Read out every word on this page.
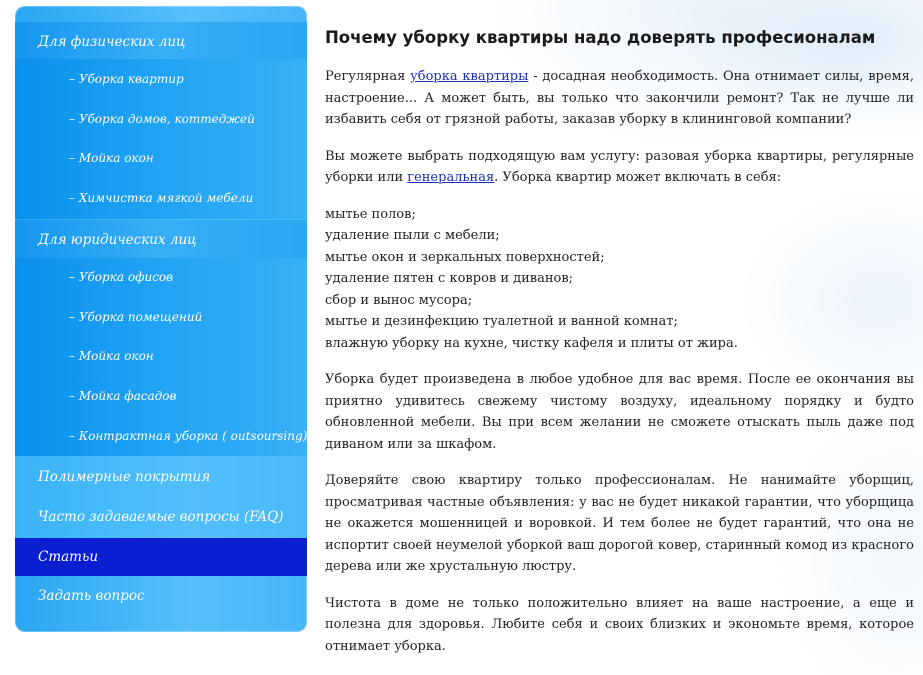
Для физических лиц
– Уборка квартир
– Уборка домов, коттеджей
– Мойка окон
– Химчистка мягкой мебели
Для юридических лиц
– Уборка офисов
– Уборка помещений
– Мойка окон
– Мойка фасадов
– Контрактная уборка ( outsoursing)
Полимерные покрытия
Часто задаваемые вопросы (FAQ)
Статьи
Задать вопрос
Почему уборку квартиры надо доверять професионалам

Регулярная уборка квартиры - досадная необходимость. Она отнимает силы, время, настроение... А может быть, вы только что закончили ремонт? Так не лучше ли избавить себя от грязной работы, заказав уборку в клининговой компании?

Вы можете выбрать подходящую вам услугу: разовая уборка квартиры, регулярные уборки или генеральная. Уборка квартир может включать в себя:

мытье полов;
удаление пыли с мебели;
мытье окон и зеркальных поверхностей;
удаление пятен с ковров и диванов;
сбор и вынос мусора;
мытье и дезинфекцию туалетной и ванной комнат;
влажную уборку на кухне, чистку кафеля и плиты от жира.

Уборка будет произведена в любое удобное для вас время. После ее окончания вы приятно удивитесь свежему чистому воздуху, идеальному порядку и будто обновленной мебели. Вы при всем желании не сможете отыскать пыль даже под диваном или за шкафом.

Доверяйте свою квартиру только профессионалам. Не нанимайте уборщиц, просматривая частные объявления: у вас не будет никакой гарантии, что уборщица не окажется мошенницей и воровкой. И тем более не будет гарантий, что она не испортит своей неумелой уборкой ваш дорогой ковер, старинный комод из красного дерева или же хрустальную люстру.

Чистота в доме не только положительно влияет на ваше настроение, а еще и полезна для здоровья. Любите себя и своих близких и экономьте время, которое отнимает уборка.
